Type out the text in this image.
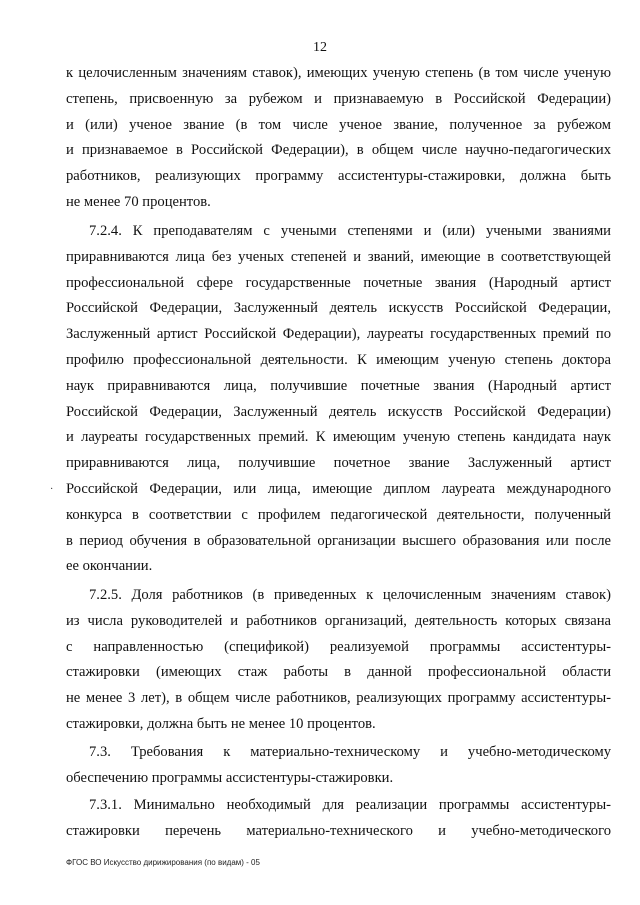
12
к целочисленным значениям ставок), имеющих ученую степень (в том числе ученую
степень, присвоенную за рубежом и признаваемую в Российской Федерации)
и (или) ученое звание (в том числе ученое звание, полученное за рубежом
и признаваемое в Российской Федерации), в общем числе научно-педагогических
работников, реализующих программу ассистентуры-стажировки, должна быть
не менее 70 процентов.
7.2.4. К преподавателям с учеными степенями и (или) учеными званиями
приравниваются лица без ученых степеней и званий, имеющие в соответствующей
профессиональной сфере государственные почетные звания (Народный артист
Российской Федерации, Заслуженный деятель искусств Российской Федерации,
Заслуженный артист Российской Федерации), лауреаты государственных премий по
профилю профессиональной деятельности. К имеющим ученую степень доктора
наук приравниваются лица, получившие почетные звания (Народный артист
Российской Федерации, Заслуженный деятель искусств Российской Федерации)
и лауреаты государственных премий. К имеющим ученую степень кандидата наук
приравниваются лица, получившие почетное звание Заслуженный артист
Российской Федерации, или лица, имеющие диплом лауреата международного
конкурса в соответствии с профилем педагогической деятельности, полученный
в период обучения в образовательной организации высшего образования или после
ее окончании.
·
7.2.5. Доля работников (в приведенных к целочисленным значениям ставок)
из числа руководителей и работников организаций, деятельность которых связана
с направленностью (спецификой) реализуемой программы ассистентуры-
стажировки (имеющих стаж работы в данной профессиональной области
не менее 3 лет), в общем числе работников, реализующих программу ассистентуры-
стажировки, должна быть не менее 10 процентов.
7.3. Требования к материально-техническому и учебно-методическому
обеспечению программы ассистентуры-стажировки.
7.3.1. Минимально необходимый для реализации программы ассистентуры-
стажировки перечень материально-технического и учебно-методического
ФГОС ВО Искусство дирижирования (по видам) - 05
